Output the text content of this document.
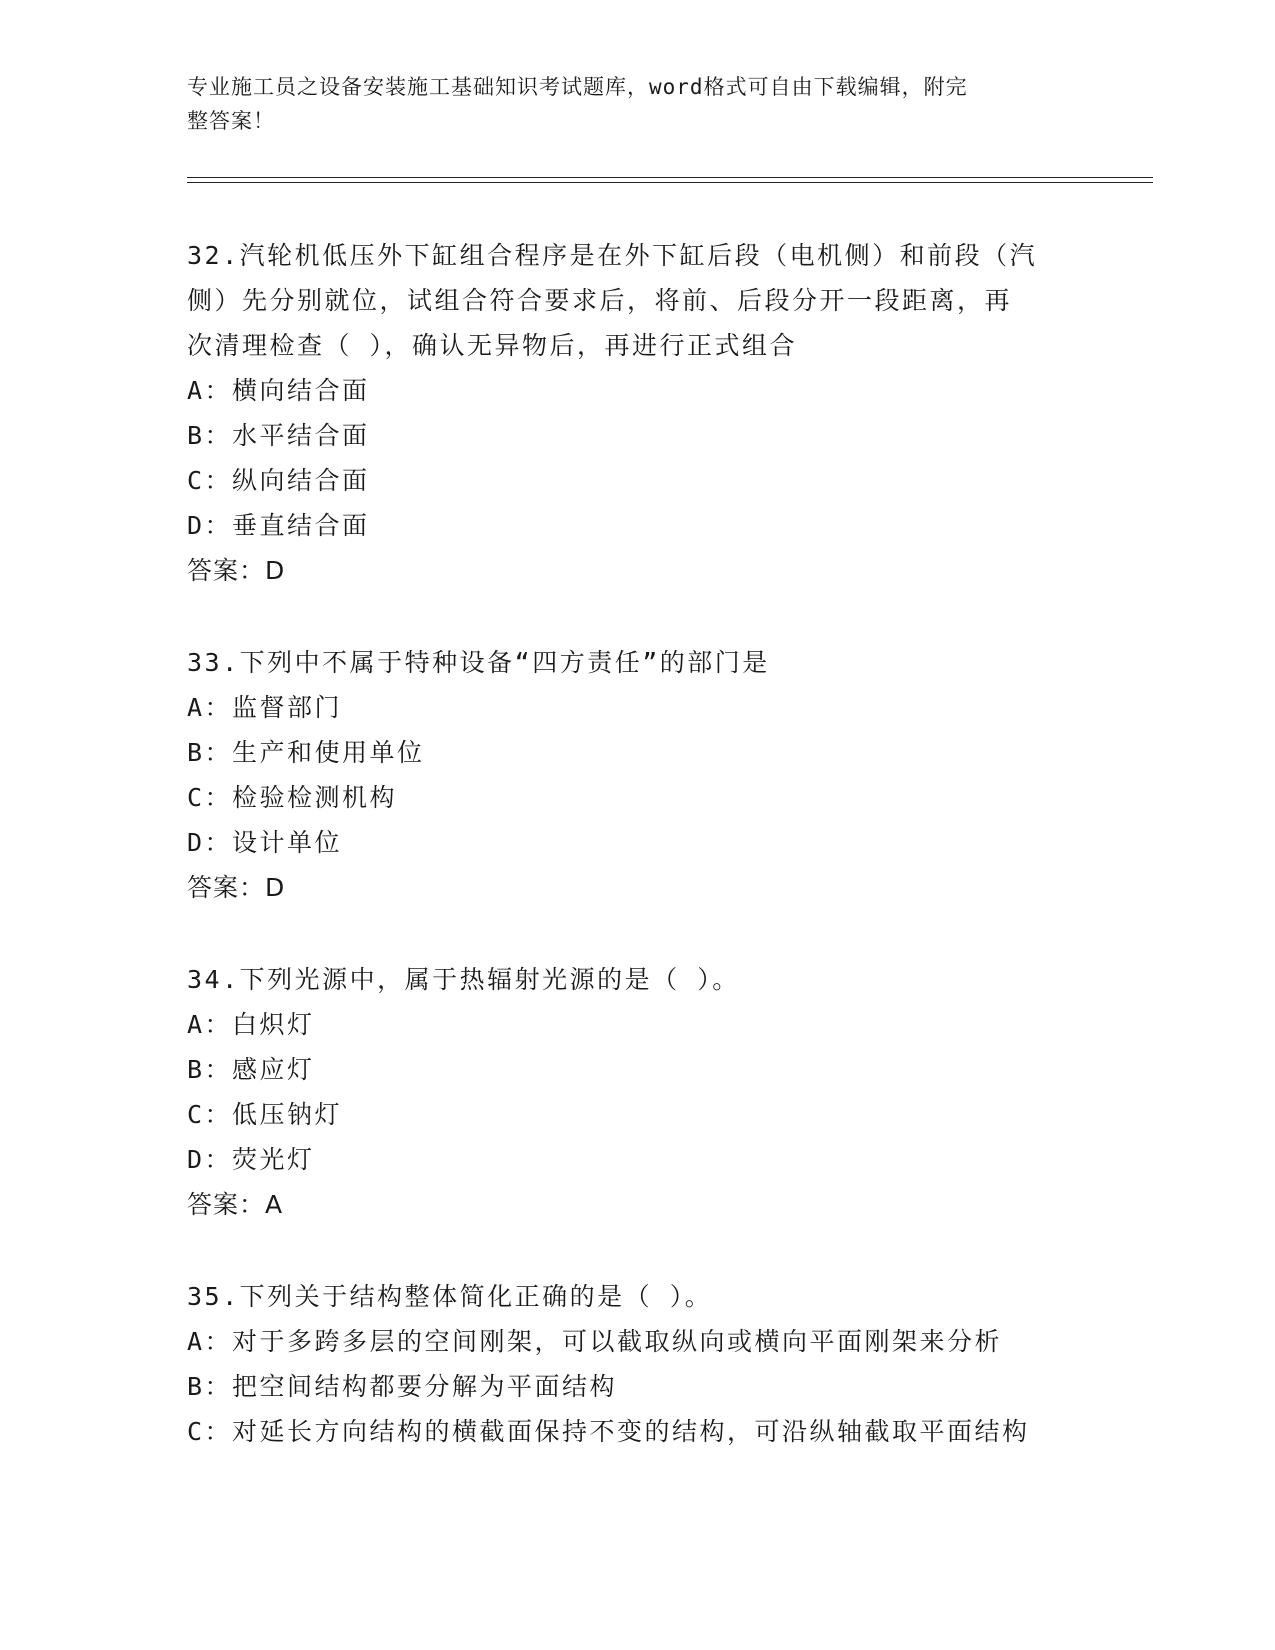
专业施工员之设备安装施工基础知识考试题库，word格式可自由下载编辑，附完
整答案！
32.汽轮机低压外下缸组合程序是在外下缸后段（电机侧）和前段（汽
侧）先分别就位，试组合符合要求后，将前、后段分开一段距离，再
次清理检查（ ），确认无异物后，再进行正式组合
A：横向结合面
B：水平结合面
C：纵向结合面
D：垂直结合面
答案：D
33.下列中不属于特种设备“四方责任”的部门是
A：监督部门
B：生产和使用单位
C：检验检测机构
D：设计单位
答案：D
34.下列光源中，属于热辐射光源的是（ ）。
A：白炽灯
B：感应灯
C：低压钠灯
D：荧光灯
答案：A
35.下列关于结构整体简化正确的是（ ）。
A：对于多跨多层的空间刚架，可以截取纵向或横向平面刚架来分析
B：把空间结构都要分解为平面结构
C：对延长方向结构的横截面保持不变的结构，可沿纵轴截取平面结构
